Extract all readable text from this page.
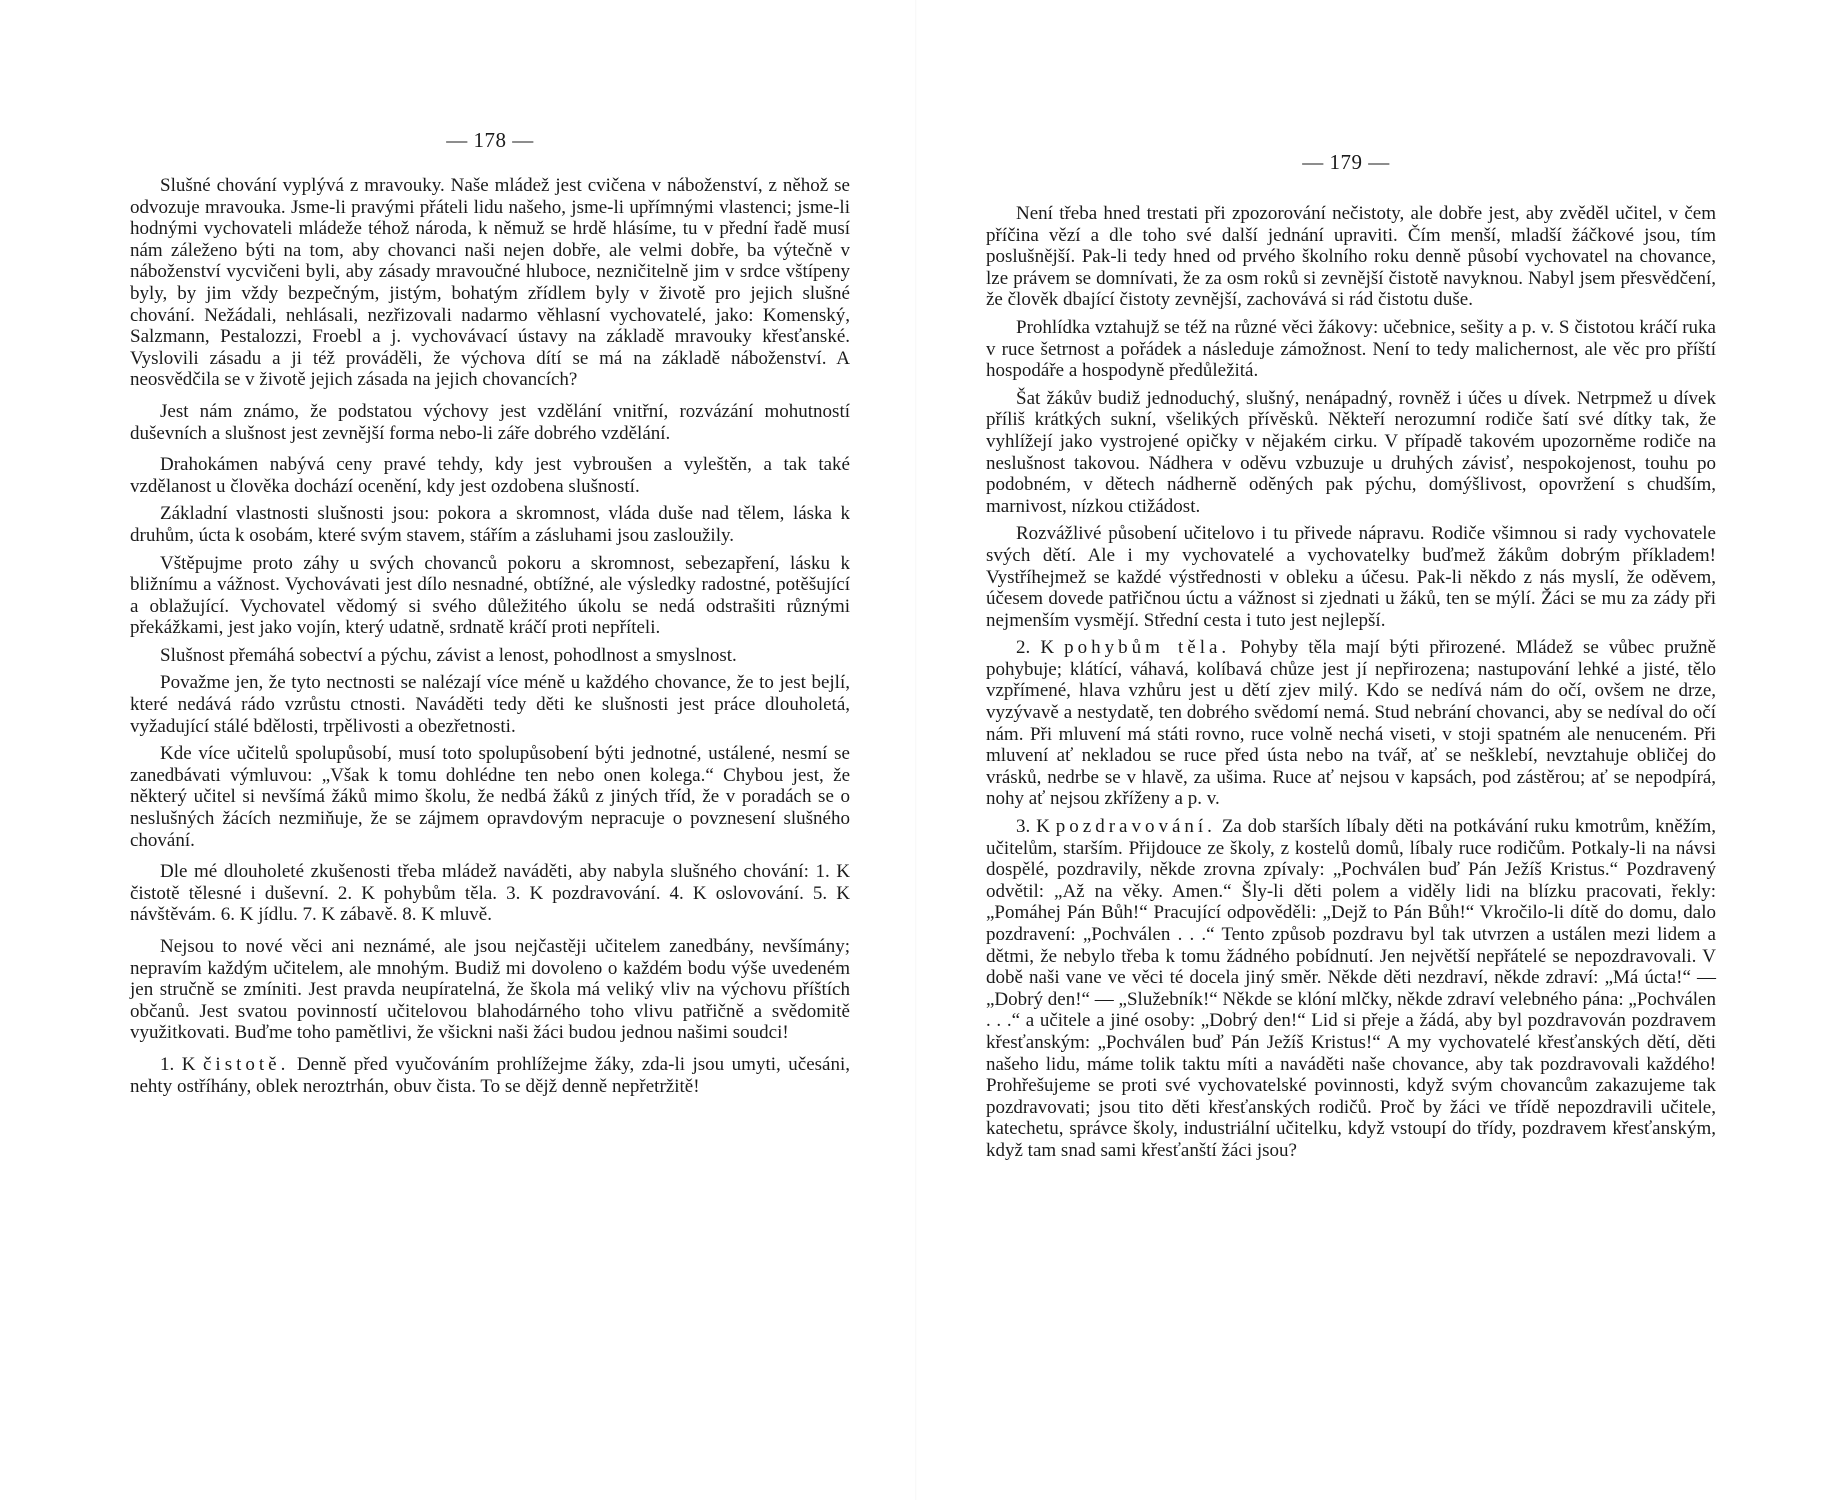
— 178 —

Slušné chování vyplývá z mravouky. Naše mládež jest cvičena v náboženství, z něhož se odvozuje mravouka. Jsme-li pravými přáteli lidu našeho, jsme-li upřímnými vlastenci; jsme-li hodnými vychovateli mládeže téhož národa, k němuž se hrdě hlásíme, tu v přední řadě musí nám záleženo býti na tom, aby chovanci naši nejen dobře, ale velmi dobře, ba výtečně v náboženství vycvičeni byli, aby zásady mravoučné hluboce, nezničitelně jim v srdce vštípeny byly, by jim vždy bezpečným, jistým, bohatým zřídlem byly v životě pro jejich slušné chování. Nežádali, nehlásali, nezřizovali nadarmo věhlasní vychovatelé, jako: Komenský, Salzmann, Pestalozzi, Froebl a j. vychovávací ústavy na základě mravouky křesťanské. Vyslovili zásadu a ji též prováděli, že výchova dítí se má na základě náboženství. A neosvědčila se v životě jejich zásada na jejich chovancích?

Jest nám známo, že podstatou výchovy jest vzdělání vnitřní, rozvázání mohutností duševních a slušnost jest zevnější forma nebo-li záře dobrého vzdělání.

Drahokámen nabývá ceny pravé tehdy, kdy jest vybroušen a vyleštěn, a tak také vzdělanost u člověka dochází ocenění, kdy jest ozdobena slušností.

Základní vlastnosti slušnosti jsou: pokora a skromnost, vláda duše nad tělem, láska k druhům, úcta k osobám, které svým stavem, stářím a zásluhami jsou zasloužily.

Vštěpujme proto záhy u svých chovanců pokoru a skromnost, sebezapření, lásku k bližnímu a vážnost. Vychovávati jest dílo nesnadné, obtížné, ale výsledky radostné, potěšující a oblažující. Vychovatel vědomý si svého důležitého úkolu se nedá odstrašiti různými překážkami, jest jako vojín, který udatně, srdnatě kráčí proti nepříteli.

Slušnost přemáhá sobectví a pýchu, závist a lenost, pohodlnost a smyslnost.

Považme jen, že tyto nectnosti se nalézají více méně u každého chovance, že to jest bejlí, které nedává rádo vzrůstu ctnosti. Naváděti tedy děti ke slušnosti jest práce dlouholetá, vyžadující stálé bdělosti, trpělivosti a obezřetnosti.

Kde více učitelů spolupůsobí, musí toto spolupůsobení býti jednotné, ustálené, nesmí se zanedbávati výmluvou: „Však k tomu dohlédne ten nebo onen kolega.“ Chybou jest, že některý učitel si nevšímá žáků mimo školu, že nedbá žáků z jiných tříd, že v poradách se o neslušných žácích nezmiňuje, že se zájmem opravdovým nepracuje o povznesení slušného chování.

Dle mé dlouholeté zkušenosti třeba mládež naváděti, aby nabyla slušného chování: 1. K čistotě tělesné i duševní. 2. K pohybům těla. 3. K pozdravování. 4. K oslovování. 5. K návštěvám. 6. K jídlu. 7. K zábavě. 8. K mluvě.

Nejsou to nové věci ani neznámé, ale jsou nejčastěji učitelem zanedbány, nevšímány; nepravím každým učitelem, ale mnohým. Budiž mi dovoleno o každém bodu výše uvedeném jen stručně se zmíniti. Jest pravda neupíratelná, že škola má veliký vliv na výchovu příštích občanů. Jest svatou povinností učitelovou blahodárného toho vlivu patřičně a svědomitě využitkovati. Buďme toho pamětlivi, že všickni naši žáci budou jednou našimi soudci!

1. K čistotě. Denně před vyučováním prohlížejme žáky, zda-li jsou umyti, učesáni, nehty ostříhány, oblek neroztrhán, obuv čista. To se dějž denně nepřetržitě!

— 179 —

Není třeba hned trestati při zpozorování nečistoty, ale dobře jest, aby zvěděl učitel, v čem příčina vězí a dle toho své další jednání upraviti. Čím menší, mladší žáčkové jsou, tím poslušnější. Pak-li tedy hned od prvého školního roku denně působí vychovatel na chovance, lze právem se domnívati, že za osm roků si zevnější čistotě navyknou. Nabyl jsem přesvědčení, že člověk dbající čistoty zevnější, zachovává si rád čistotu duše.

Prohlídka vztahujž se též na různé věci žákovy: učebnice, sešity a p. v. S čistotou kráčí ruka v ruce šetrnost a pořádek a následuje zámožnost. Není to tedy malichernost, ale věc pro příští hospodáře a hospodyně předůležitá.

Šat žákův budiž jednoduchý, slušný, nenápadný, rovněž i účes u dívek. Netrpmež u dívek příliš krátkých sukní, všelikých přívěsků. Někteří nerozumní rodiče šatí své dítky tak, že vyhlížejí jako vystrojené opičky v nějakém cirku. V případě takovém upozorněme rodiče na neslušnost takovou. Nádhera v oděvu vzbuzuje u druhých závisť, nespokojenost, touhu po podobném, v dětech nádherně oděných pak pýchu, domýšlivost, opovržení s chudším, marnivost, nízkou ctižádost.

Rozvážlivé působení učitelovo i tu přivede nápravu. Rodiče všimnou si rady vychovatele svých dětí. Ale i my vychovatelé a vychovatelky buďmež žákům dobrým příkladem! Vystříhejmež se každé výstřednosti v obleku a účesu. Pak-li někdo z nás myslí, že oděvem, účesem dovede patřičnou úctu a vážnost si zjednati u žáků, ten se mýlí. Žáci se mu za zády při nejmenším vysmějí. Střední cesta i tuto jest nejlepší.

2. K pohybům těla. Pohyby těla mají býti přirozené. Mládež se vůbec pružně pohybuje; klátící, váhavá, kolíbavá chůze jest jí nepřirozena; nastupování lehké a jisté, tělo vzpřímené, hlava vzhůru jest u dětí zjev milý. Kdo se nedívá nám do očí, ovšem ne drze, vyzývavě a nestydatě, ten dobrého svědomí nemá. Stud nebrání chovanci, aby se nedíval do očí nám. Při mluvení má státi rovno, ruce volně nechá viseti, v stoji spatném ale nenuceném. Při mluvení ať nekladou se ruce před ústa nebo na tvář, ať se nešklebí, nevztahuje obličej do vrásků, nedrbe se v hlavě, za ušima. Ruce ať nejsou v kapsách, pod zástěrou; ať se nepodpírá, nohy ať nejsou zkříženy a p. v.

3. K pozdravování. Za dob starších líbaly děti na potkávání ruku kmotrům, kněžím, učitelům, starším. Přijdouce ze školy, z kostelů domů, líbaly ruce rodičům. Potkaly-li na návsi dospělé, pozdravily, někde zrovna zpívaly: „Pochválen buď Pán Ježíš Kristus.“ Pozdravený odvětil: „Až na věky. Amen.“ Šly-li děti polem a viděly lidi na blízku pracovati, řekly: „Pomáhej Pán Bůh!“ Pracující odpověděli: „Dejž to Pán Bůh!“ Vkročilo-li dítě do domu, dalo pozdravení: „Pochválen . . .“ Tento způsob pozdravu byl tak utvrzen a ustálen mezi lidem a dětmi, že nebylo třeba k tomu žádného pobídnutí. Jen největší nepřátelé se nepozdravovali. V době naši vane ve věci té docela jiný směr. Někde děti nezdraví, někde zdraví: „Má úcta!“ — „Dobrý den!“ — „Služebník!“ Někde se klóní mlčky, někde zdraví velebného pána: „Pochválen . . .“ a učitele a jiné osoby: „Dobrý den!“ Lid si přeje a žádá, aby byl pozdravován pozdravem křesťanským: „Pochválen buď Pán Ježíš Kristus!“ A my vychovatelé křesťanských dětí, děti našeho lidu, máme tolik taktu míti a naváděti naše chovance, aby tak pozdravovali každého! Prohřešujeme se proti své vychovatelské povinnosti, když svým chovancům zakazujeme tak pozdravovati; jsou tito děti křesťanských rodičů. Proč by žáci ve třídě nepozdravili učitele, katechetu, správce školy, industriální učitelku, když vstoupí do třídy, pozdravem křesťanským, když tam snad sami křesťanští žáci jsou?
